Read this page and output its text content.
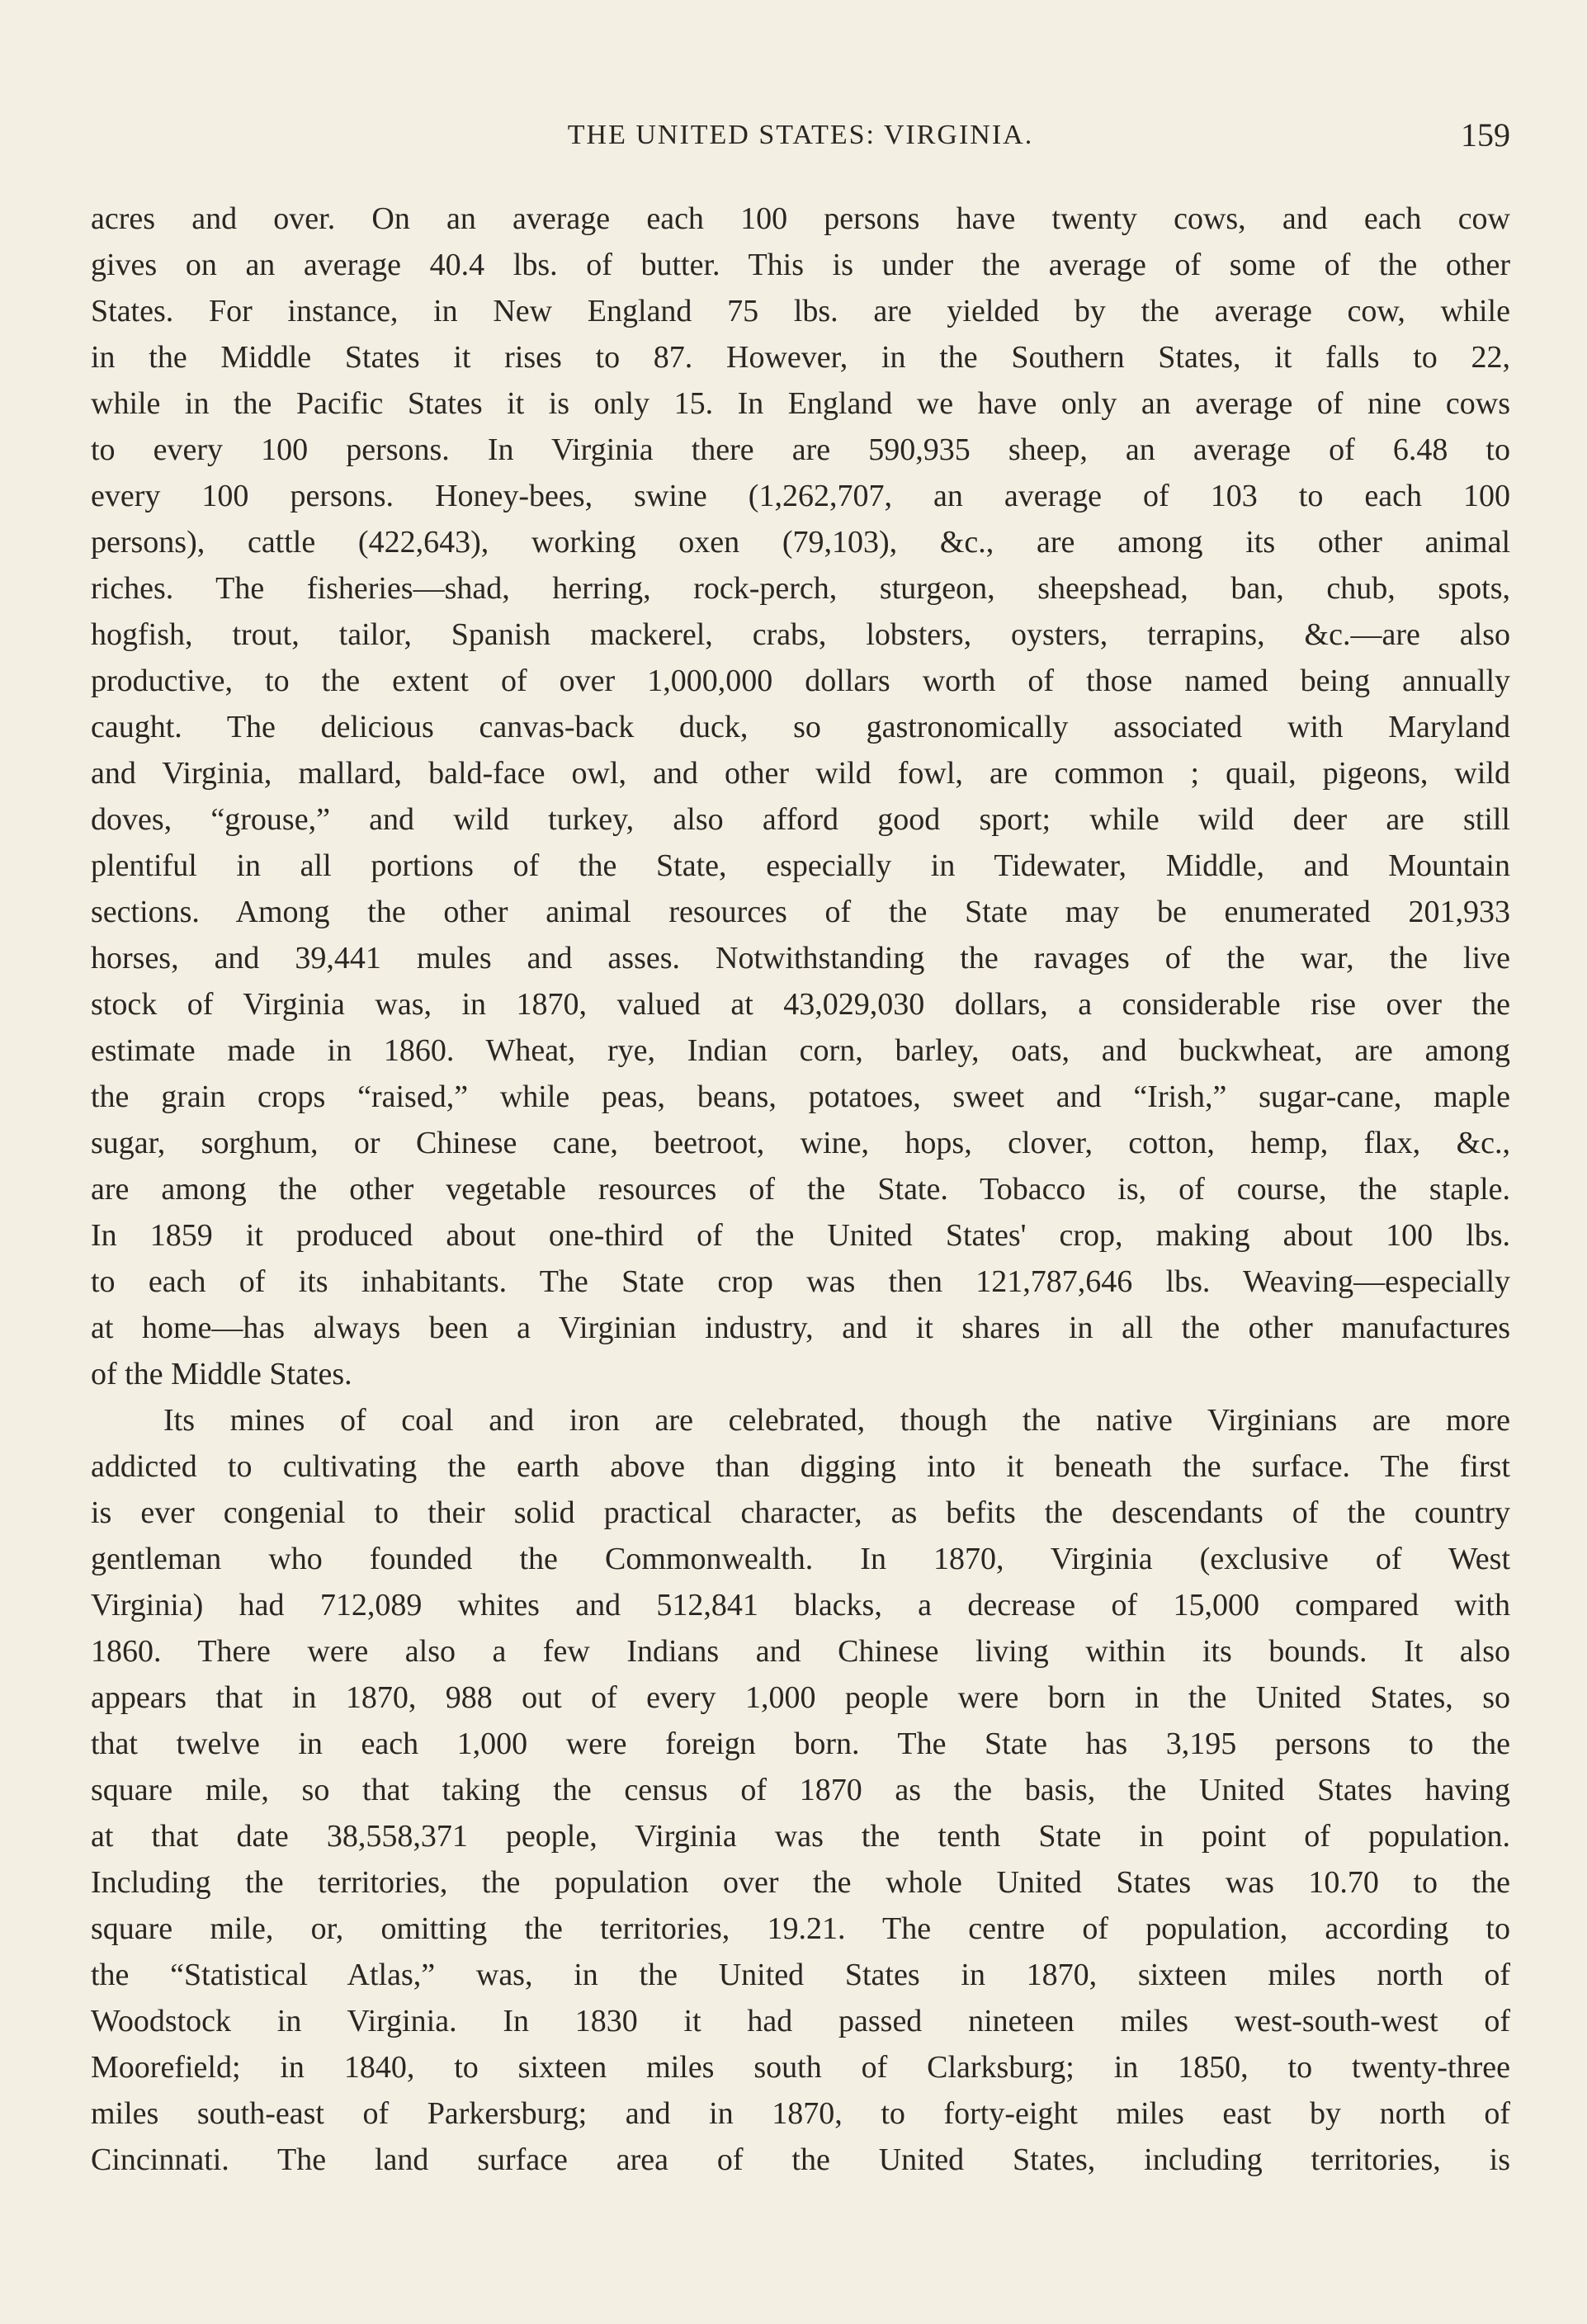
THE UNITED STATES: VIRGINIA.	159
acres and over. On an average each 100 persons have twenty cows, and each cow
gives on an average 40.4 lbs. of butter. This is under the average of some of the other
States. For instance, in New England 75 lbs. are yielded by the average cow, while
in the Middle States it rises to 87. However, in the Southern States, it falls to 22,
while in the Pacific States it is only 15. In England we have only an average of nine cows
to every 100 persons. In Virginia there are 590,935 sheep, an average of 6.48 to
every 100 persons. Honey-bees, swine (1,262,707, an average of 103 to each 100
persons), cattle (422,643), working oxen (79,103), &c., are among its other animal
riches. The fisheries—shad, herring, rock-perch, sturgeon, sheepshead, ban, chub, spots,
hogfish, trout, tailor, Spanish mackerel, crabs, lobsters, oysters, terrapins, &c.—are also
productive, to the extent of over 1,000,000 dollars worth of those named being annually
caught. The delicious canvas-back duck, so gastronomically associated with Maryland
and Virginia, mallard, bald-face owl, and other wild fowl, are common ; quail, pigeons, wild
doves, “grouse,” and wild turkey, also afford good sport; while wild deer are still
plentiful in all portions of the State, especially in Tidewater, Middle, and Mountain
sections. Among the other animal resources of the State may be enumerated 201,933
horses, and 39,441 mules and asses. Notwithstanding the ravages of the war, the live
stock of Virginia was, in 1870, valued at 43,029,030 dollars, a considerable rise over the
estimate made in 1860. Wheat, rye, Indian corn, barley, oats, and buckwheat, are among
the grain crops “raised,” while peas, beans, potatoes, sweet and “Irish,” sugar-cane, maple
sugar, sorghum, or Chinese cane, beetroot, wine, hops, clover, cotton, hemp, flax, &c.,
are among the other vegetable resources of the State. Tobacco is, of course, the staple.
In 1859 it produced about one-third of the United States' crop, making about 100 lbs.
to each of its inhabitants. The State crop was then 121,787,646 lbs. Weaving—especially
at home—has always been a Virginian industry, and it shares in all the other manufactures
of the Middle States.
Its mines of coal and iron are celebrated, though the native Virginians are more
addicted to cultivating the earth above than digging into it beneath the surface. The first
is ever congenial to their solid practical character, as befits the descendants of the country
gentleman who founded the Commonwealth. In 1870, Virginia (exclusive of West
Virginia) had 712,089 whites and 512,841 blacks, a decrease of 15,000 compared with
1860. There were also a few Indians and Chinese living within its bounds. It also
appears that in 1870, 988 out of every 1,000 people were born in the United States, so
that twelve in each 1,000 were foreign born. The State has 3,195 persons to the
square mile, so that taking the census of 1870 as the basis, the United States having
at that date 38,558,371 people, Virginia was the tenth State in point of population.
Including the territories, the population over the whole United States was 10.70 to the
square mile, or, omitting the territories, 19.21. The centre of population, according to
the “Statistical Atlas,” was, in the United States in 1870, sixteen miles north of
Woodstock in Virginia. In 1830 it had passed nineteen miles west-south-west of
Moorefield; in 1840, to sixteen miles south of Clarksburg; in 1850, to twenty-three
miles south-east of Parkersburg; and in 1870, to forty-eight miles east by north of
Cincinnati. The land surface area of the United States, including territories, is
